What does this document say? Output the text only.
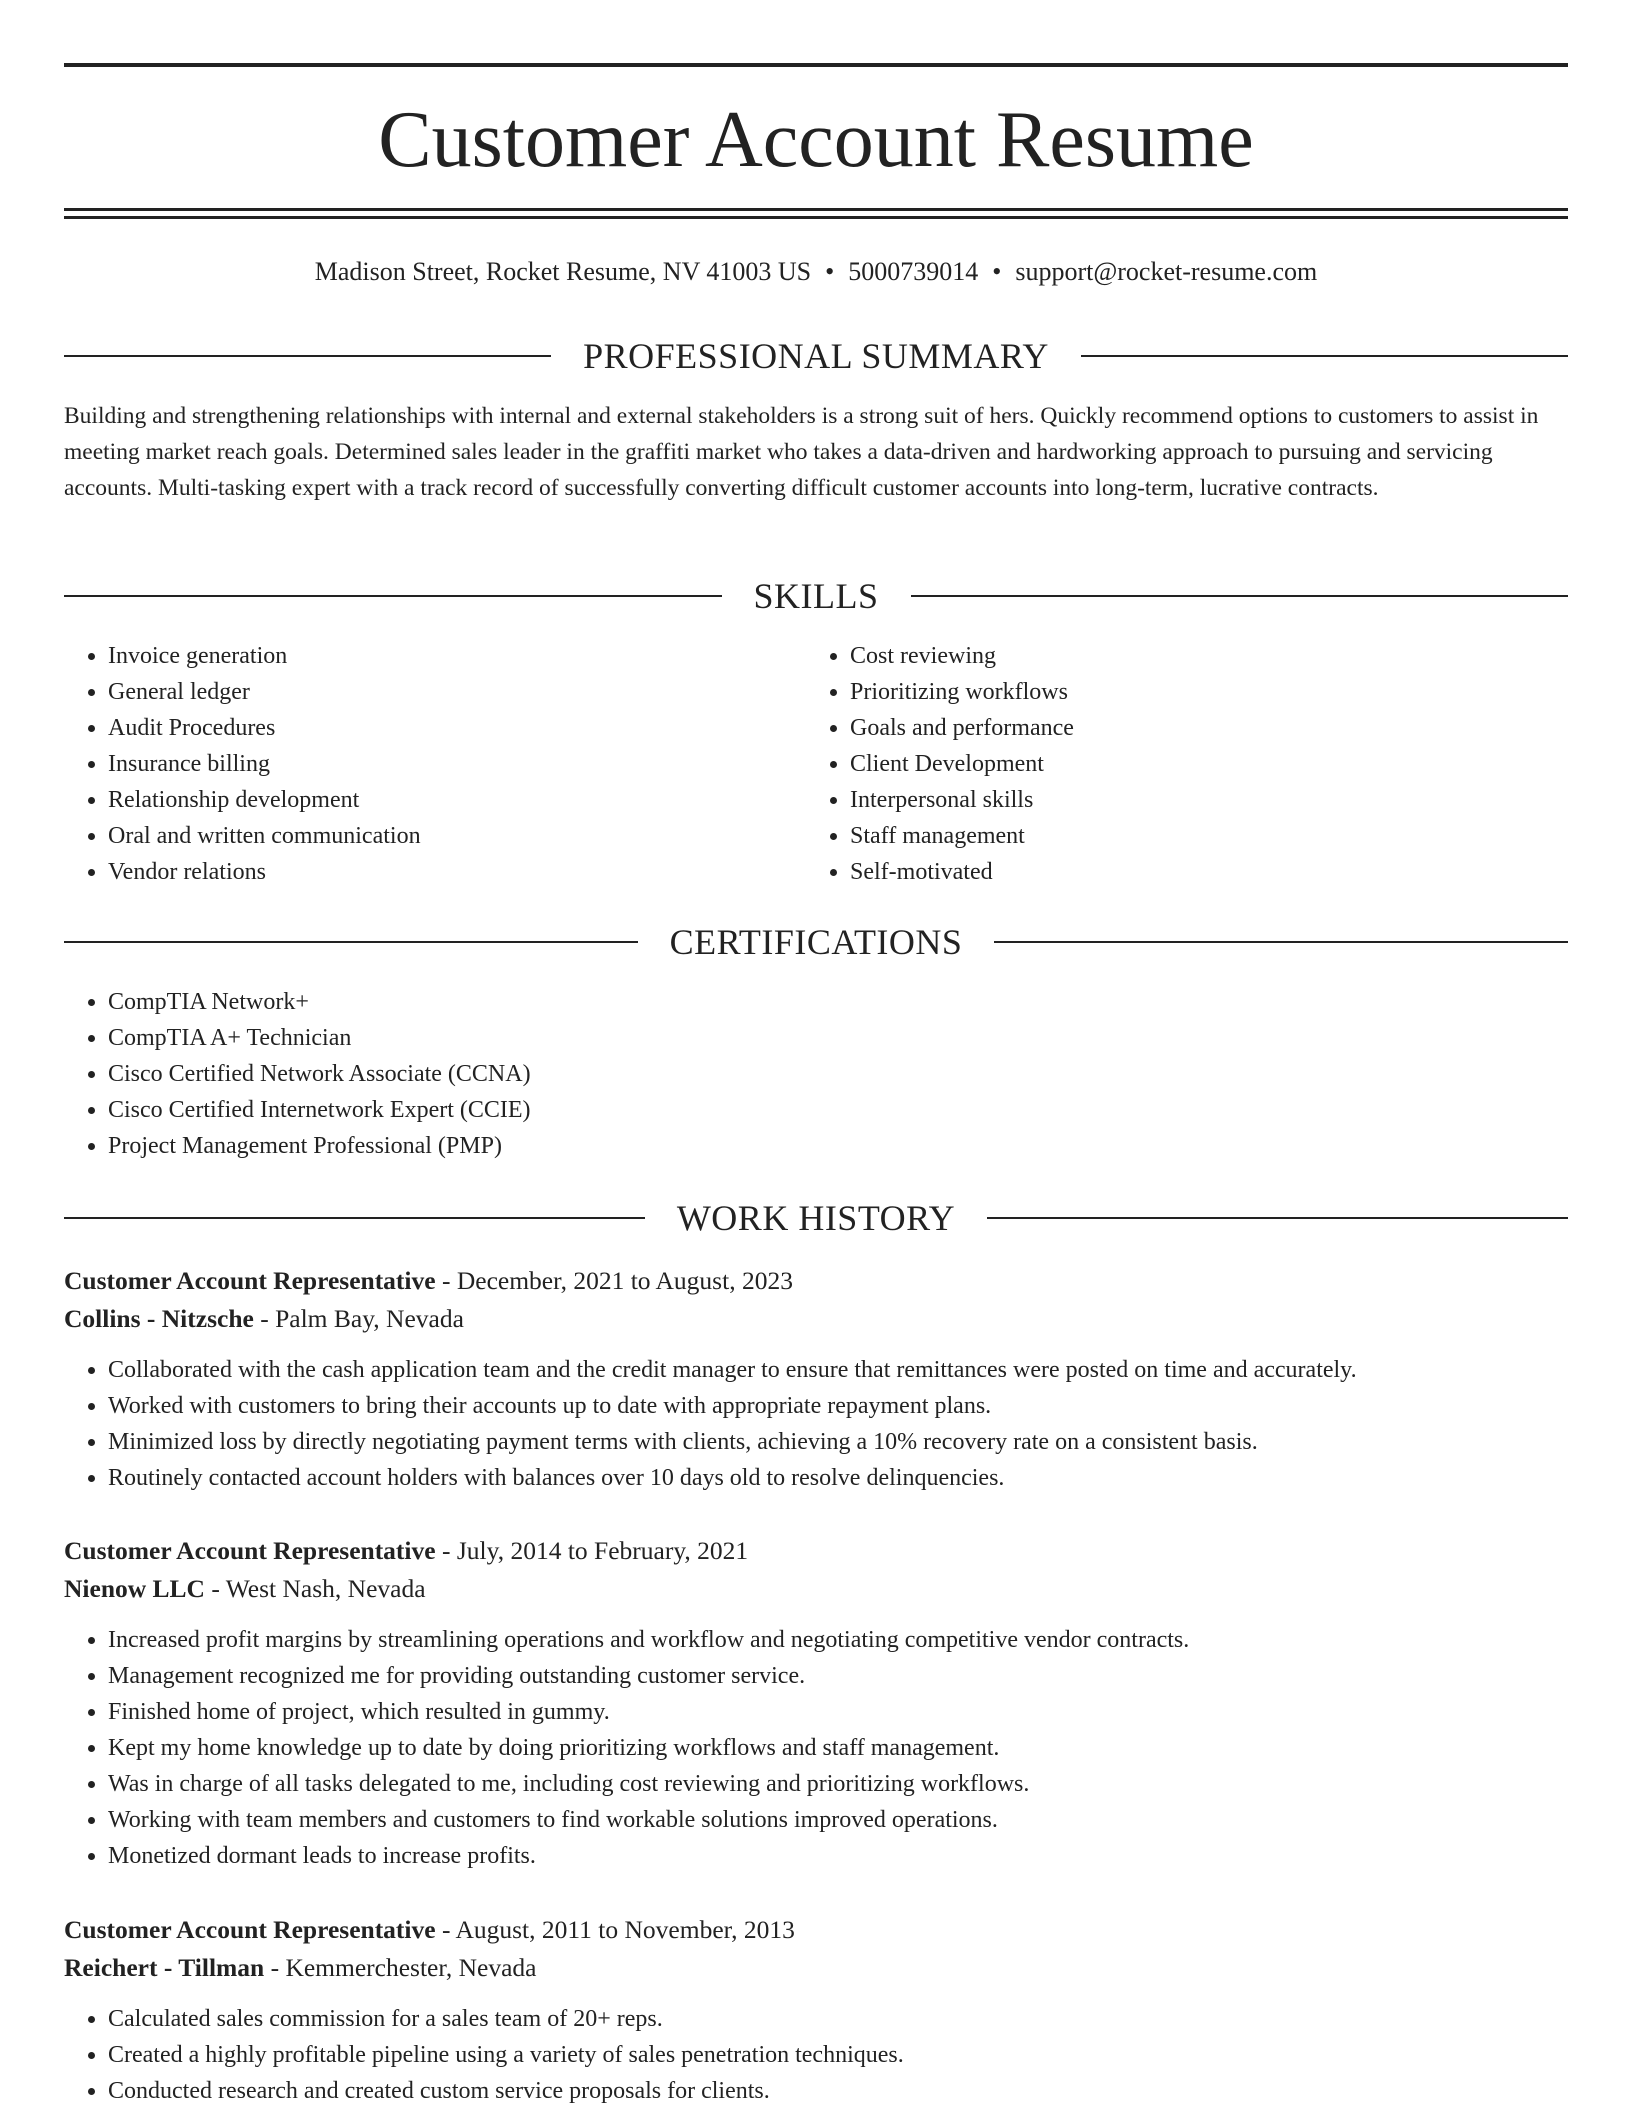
Customer Account Resume
Madison Street, Rocket Resume, NV 41003 US • 5000739014 • support@rocket-resume.com
PROFESSIONAL SUMMARY

Building and strengthening relationships with internal and external stakeholders is a strong suit of hers. Quickly recommend options to customers to assist in meeting market reach goals. Determined sales leader in the graffiti market who takes a data-driven and hardworking approach to pursuing and servicing accounts. Multi-tasking expert with a track record of successfully converting difficult customer accounts into long-term, lucrative contracts.

SKILLS
• Invoice generation
• General ledger
• Audit Procedures
• Insurance billing
• Relationship development
• Oral and written communication
• Vendor relations
• Cost reviewing
• Prioritizing workflows
• Goals and performance
• Client Development
• Interpersonal skills
• Staff management
• Self-motivated
CERTIFICATIONS
• CompTIA Network+
• CompTIA A+ Technician
• Cisco Certified Network Associate (CCNA)
• Cisco Certified Internetwork Expert (CCIE)
• Project Management Professional (PMP)
WORK HISTORY
Customer Account Representative - December, 2021 to August, 2023
Collins - Nitzsche - Palm Bay, Nevada
• Collaborated with the cash application team and the credit manager to ensure that remittances were posted on time and accurately.
• Worked with customers to bring their accounts up to date with appropriate repayment plans.
• Minimized loss by directly negotiating payment terms with clients, achieving a 10% recovery rate on a consistent basis.
• Routinely contacted account holders with balances over 10 days old to resolve delinquencies.
Customer Account Representative - July, 2014 to February, 2021
Nienow LLC - West Nash, Nevada
• Increased profit margins by streamlining operations and workflow and negotiating competitive vendor contracts.
• Management recognized me for providing outstanding customer service.
• Finished home of project, which resulted in gummy.
• Kept my home knowledge up to date by doing prioritizing workflows and staff management.
• Was in charge of all tasks delegated to me, including cost reviewing and prioritizing workflows.
• Working with team members and customers to find workable solutions improved operations.
• Monetized dormant leads to increase profits.
Customer Account Representative - August, 2011 to November, 2013
Reichert - Tillman - Kemmerchester, Nevada
• Calculated sales commission for a sales team of 20+ reps.
• Created a highly profitable pipeline using a variety of sales penetration techniques.
• Conducted research and created custom service proposals for clients.
